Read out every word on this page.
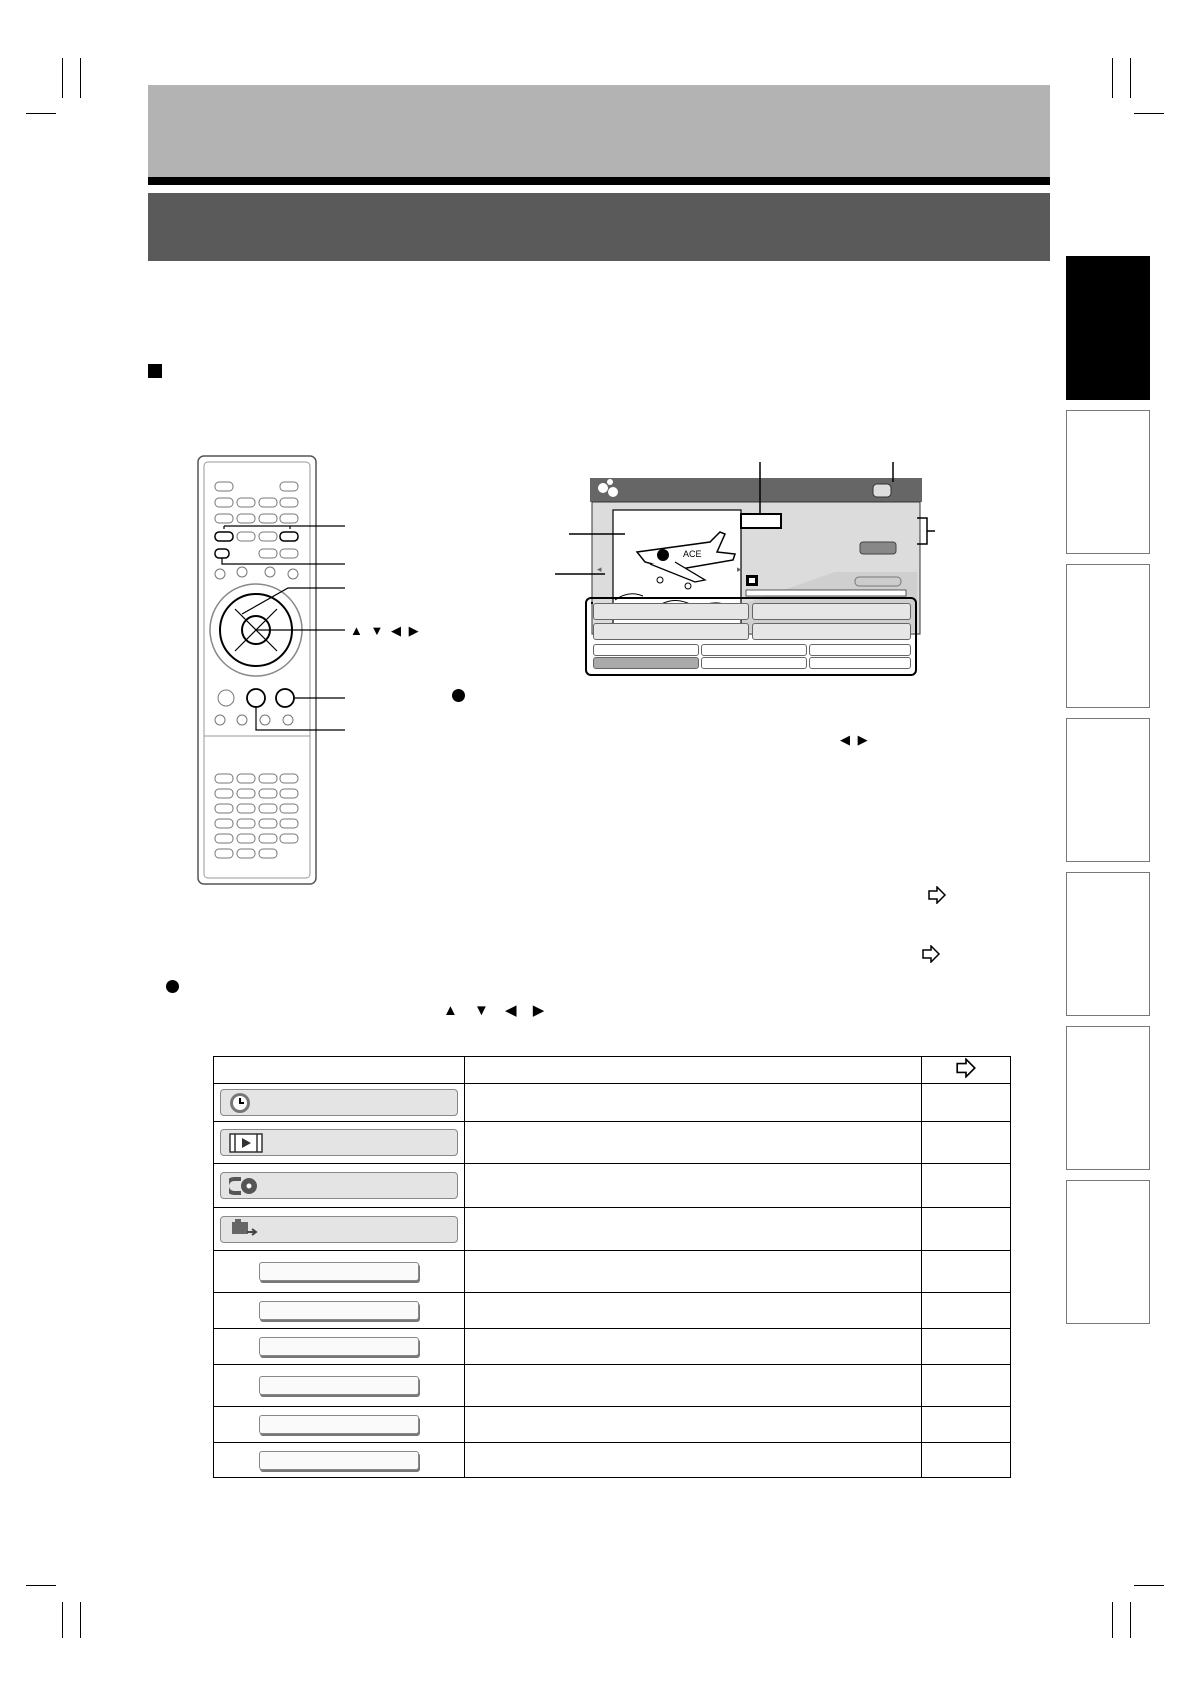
▲ ▼ ◀ ▶
ACE
◂	▸
◀ ▶
▲ ▼ ◀ ▶
